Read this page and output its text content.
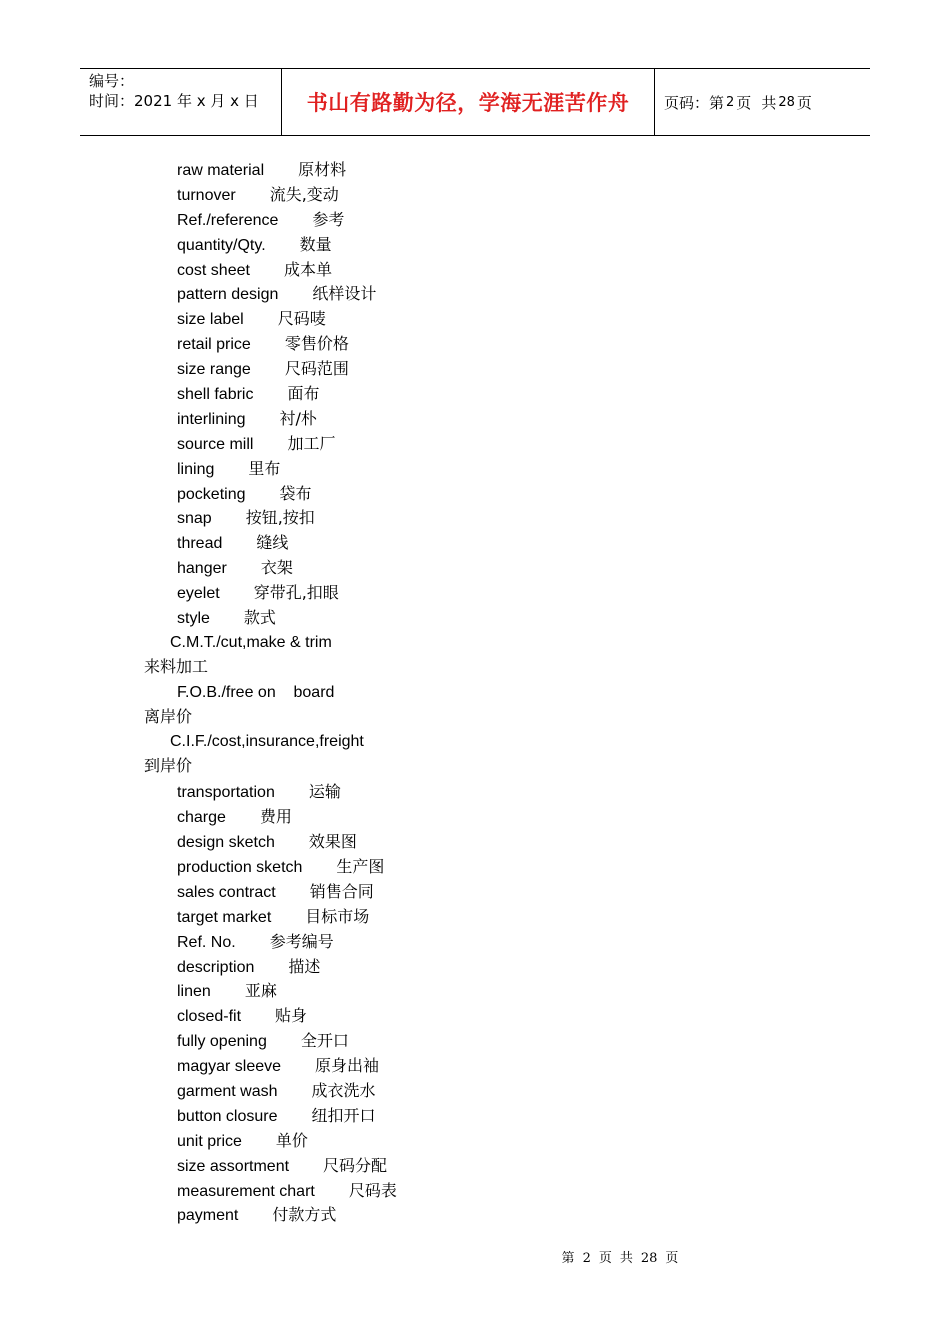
编号：
时间：2021 年 x 月 x 日	书山有路勤为径，学海无涯苦作舟 页码：第 2 页 共 28 页
raw material 原材料
turnover 流失,变动
Ref./reference 参考
quantity/Qty. 数量
cost sheet 成本单
pattern design 纸样设计
size label 尺码唛
retail price 零售价格
size range 尺码范围
shell fabric 面布
interlining 衬/朴
source mill 加工厂
lining 里布
pocketing 袋布
snap 按钮,按扣
thread 缝线
hanger 衣架
eyelet 穿带孔,扣眼
style 款式
C.M.T./cut,make & trim
来料加工
F.O.B./free on    board
离岸价
C.I.F./cost,insurance,freight
到岸价
transportation 运输
charge 费用
design sketch 效果图
production sketch 生产图
sales contract 销售合同
target market 目标市场
Ref. No. 参考编号
description 描述
linen 亚麻
closed-fit 贴身
fully opening 全开口
magyar sleeve 原身出袖
garment wash 成衣洗水
button closure 纽扣开口
unit price 单价
size assortment 尺码分配
measurement chart 尺码表
payment 付款方式
第 2 页 共 28 页
